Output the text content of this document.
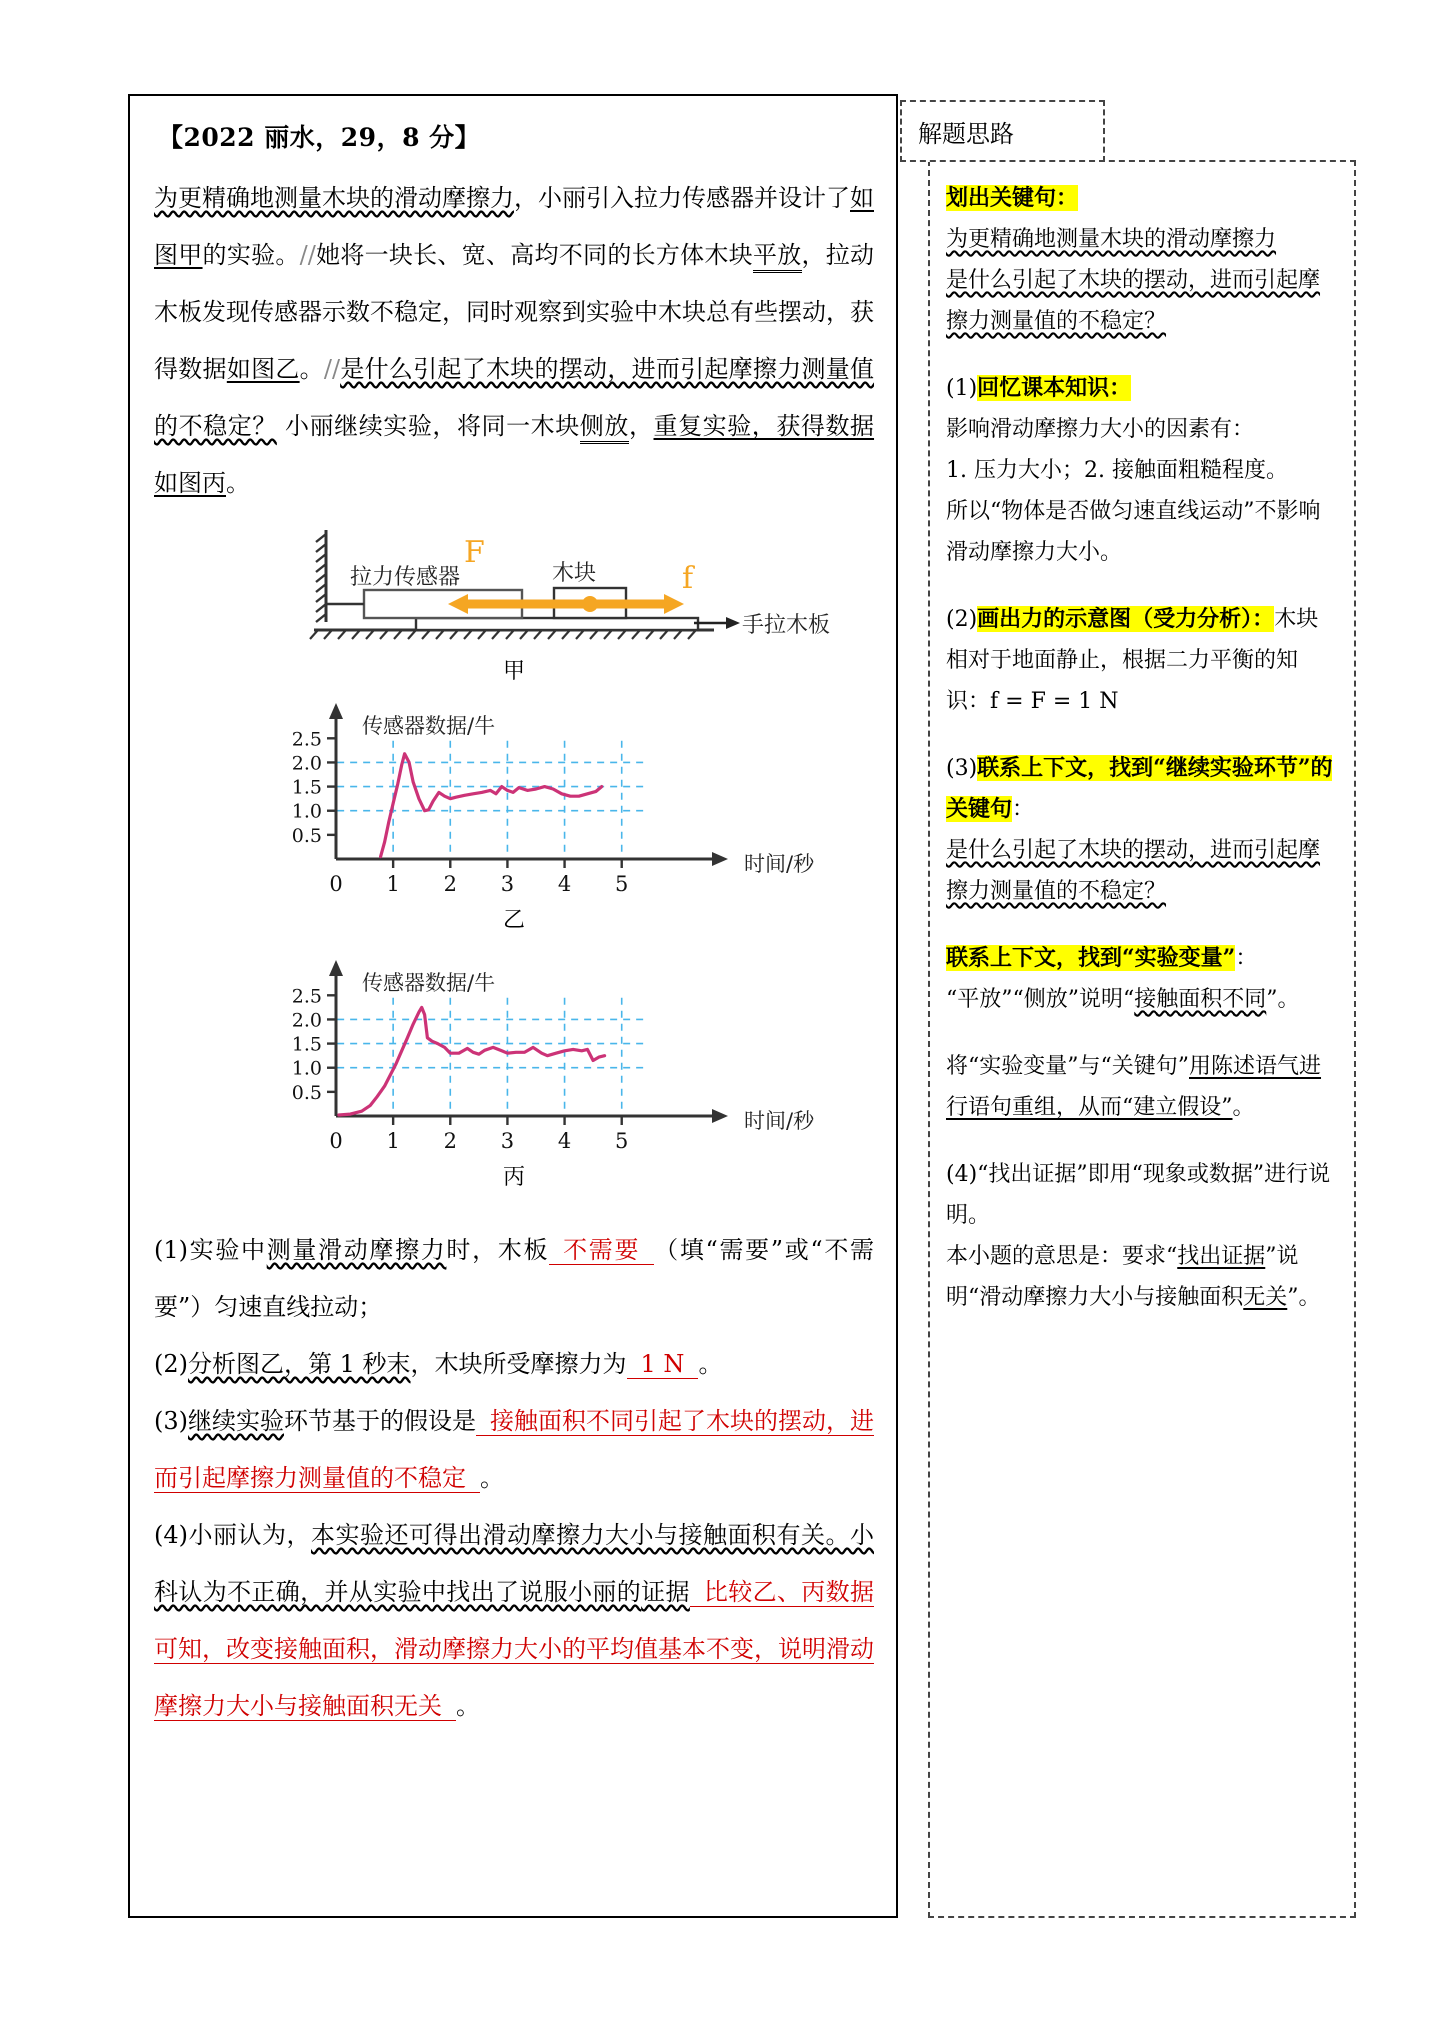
【2022 丽水，29，8 分】
为更精确地测量木块的滑动摩擦力，小丽引入拉力传感器并设计了如图甲的实验。//她将一块长、宽、高均不同的长方体木块平放，拉动木板发现传感器示数不稳定，同时观察到实验中木块总有些摆动，获得数据如图乙。//是什么引起了木块的摆动，进而引起摩擦力测量值的不稳定？ 小丽继续实验，将同一木块侧放，重复实验，获得数据如图丙。
F
f
拉力传感器	木块
手拉木板
甲
0.5
1.0
1.5
2.0
2.5
0 1 2 3 4 5
传感器数据/牛
时间/秒
乙
0.5
1.0
1.5
2.0
2.5
0 1 2 3 4 5
传感器数据/牛
时间/秒
丙
(1)实验中测量滑动摩擦力时，木板 不需要 （填“需要”或“不需要”）匀速直线拉动；
(2)分析图乙，第 1 秒末，木块所受摩擦力为 1 N 。
(3)继续实验环节基于的假设是 接触面积不同引起了木块的摆动，进而引起摩擦力测量值的不稳定 。
(4)小丽认为，本实验还可得出滑动摩擦力大小与接触面积有关。小科认为不正确，并从实验中找出了说服小丽的证据 比较乙、丙数据可知，改变接触面积，滑动摩擦力大小的平均值基本不变，说明滑动摩擦力大小与接触面积无关 。
解题思路
划出关键句：
为更精确地测量木块的滑动摩擦力
是什么引起了木块的摆动，进而引起摩擦力测量值的不稳定？
(1)回忆课本知识：
影响滑动摩擦力大小的因素有：
1. 压力大小；2. 接触面粗糙程度。
所以“物体是否做匀速直线运动”不影响滑动摩擦力大小。
(2)画出力的示意图（受力分析）：木块相对于地面静止，根据二力平衡的知识：f = F = 1 N
(3)联系上下文，找到“继续实验环节”的关键句：
是什么引起了木块的摆动，进而引起摩擦力测量值的不稳定？
联系上下文，找到“实验变量”：
“平放”“侧放”说明“接触面积不同”。
将“实验变量”与“关键句”用陈述语气进行语句重组，从而“建立假设”。
(4)“找出证据”即用“现象或数据”进行说明。
本小题的意思是：要求“找出证据”说明“滑动摩擦力大小与接触面积无关”。
